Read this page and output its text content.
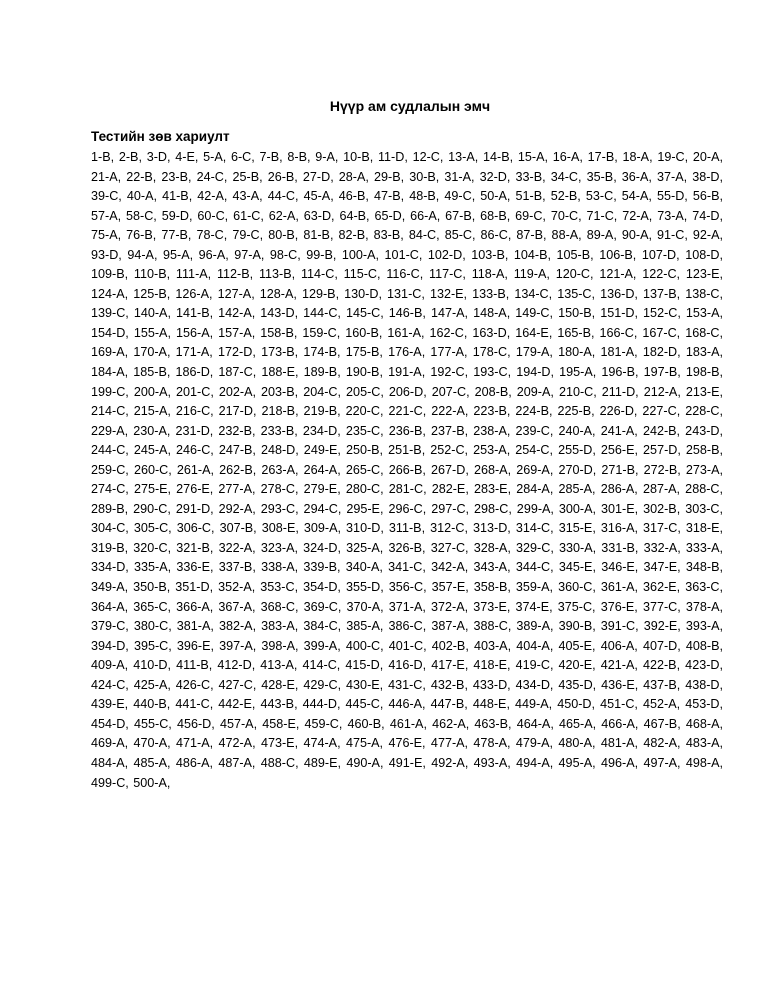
Нүүр ам судлалын эмч

Тестийн зөв хариулт

1-B, 2-B, 3-D, 4-E, 5-A, 6-C, 7-B, 8-B, 9-A, 10-B, 11-D, 12-C, 13-A, 14-B, 15-A, 16-A, 17-B, 18-A, 19-C, 20-A, 21-A, 22-B, 23-B, 24-C, 25-B, 26-B, 27-D, 28-A, 29-B, 30-B, 31-A, 32-D, 33-B, 34-C, 35-B, 36-A, 37-A, 38-D, 39-C, 40-A, 41-B, 42-A, 43-A, 44-C, 45-A, 46-B, 47-B, 48-B, 49-C, 50-A, 51-B, 52-B, 53-C, 54-A, 55-D, 56-B, 57-A, 58-C, 59-D, 60-C, 61-C, 62-A, 63-D, 64-B, 65-D, 66-A, 67-B, 68-B, 69-C, 70-C, 71-C, 72-A, 73-A, 74-D, 75-A, 76-B, 77-B, 78-C, 79-C, 80-B, 81-B, 82-B, 83-B, 84-C, 85-C, 86-C, 87-B, 88-A, 89-A, 90-A, 91-C, 92-A, 93-D, 94-A, 95-A, 96-A, 97-A, 98-C, 99-B, 100-A, 101-C, 102-D, 103-B, 104-B, 105-B, 106-B, 107-D, 108-D, 109-B, 110-B, 111-A, 112-B, 113-B, 114-C, 115-C, 116-C, 117-C, 118-A, 119-A, 120-C, 121-A, 122-C, 123-E, 124-A, 125-B, 126-A, 127-A, 128-A, 129-B, 130-D, 131-C, 132-E, 133-B, 134-C, 135-C, 136-D, 137-B, 138-C, 139-C, 140-A, 141-B, 142-A, 143-D, 144-C, 145-C, 146-B, 147-A, 148-A, 149-C, 150-B, 151-D, 152-C, 153-A, 154-D, 155-A, 156-A, 157-A, 158-B, 159-C, 160-B, 161-A, 162-C, 163-D, 164-E, 165-B, 166-C, 167-C, 168-C, 169-A, 170-A, 171-A, 172-D, 173-B, 174-B, 175-B, 176-A, 177-A, 178-C, 179-A, 180-A, 181-A, 182-D, 183-A, 184-A, 185-B, 186-D, 187-C, 188-E, 189-B, 190-B, 191-A, 192-C, 193-C, 194-D, 195-A, 196-B, 197-B, 198-B, 199-C, 200-A, 201-C, 202-A, 203-B, 204-C, 205-C, 206-D, 207-C, 208-B, 209-A, 210-C, 211-D, 212-A, 213-E, 214-C, 215-A, 216-C, 217-D, 218-B, 219-B, 220-C, 221-C, 222-A, 223-B, 224-B, 225-B, 226-D, 227-C, 228-C, 229-A, 230-A, 231-D, 232-B, 233-B, 234-D, 235-C, 236-B, 237-B, 238-A, 239-C, 240-A, 241-A, 242-B, 243-D, 244-C, 245-A, 246-C, 247-B, 248-D, 249-E, 250-B, 251-B, 252-C, 253-A, 254-C, 255-D, 256-E, 257-D, 258-B, 259-C, 260-C, 261-A, 262-B, 263-A, 264-A, 265-C, 266-B, 267-D, 268-A, 269-A, 270-D, 271-B, 272-B, 273-A, 274-C, 275-E, 276-E, 277-A, 278-C, 279-E, 280-C, 281-C, 282-E, 283-E, 284-A, 285-A, 286-A, 287-A, 288-C, 289-B, 290-C, 291-D, 292-A, 293-C, 294-C, 295-E, 296-C, 297-C, 298-C, 299-A, 300-A, 301-E, 302-B, 303-C, 304-C, 305-C, 306-C, 307-B, 308-E, 309-A, 310-D, 311-B, 312-C, 313-D, 314-C, 315-E, 316-A, 317-C, 318-E, 319-B, 320-C, 321-B, 322-A, 323-A, 324-D, 325-A, 326-B, 327-C, 328-A, 329-C, 330-A, 331-B, 332-A, 333-A, 334-D, 335-A, 336-E, 337-B, 338-A, 339-B, 340-A, 341-C, 342-A, 343-A, 344-C, 345-E, 346-E, 347-E, 348-B, 349-A, 350-B, 351-D, 352-A, 353-C, 354-D, 355-D, 356-C, 357-E, 358-B, 359-A, 360-C, 361-A, 362-E, 363-C, 364-A, 365-C, 366-A, 367-A, 368-C, 369-C, 370-A, 371-A, 372-A, 373-E, 374-E, 375-C, 376-E, 377-C, 378-A, 379-C, 380-C, 381-A, 382-A, 383-A, 384-C, 385-A, 386-C, 387-A, 388-C, 389-A, 390-B, 391-C, 392-E, 393-A, 394-D, 395-C, 396-E, 397-A, 398-A, 399-A, 400-C, 401-C, 402-B, 403-A, 404-A, 405-E, 406-A, 407-D, 408-B, 409-A, 410-D, 411-B, 412-D, 413-A, 414-C, 415-D, 416-D, 417-E, 418-E, 419-C, 420-E, 421-A, 422-B, 423-D, 424-C, 425-A, 426-C, 427-C, 428-E, 429-C, 430-E, 431-C, 432-B, 433-D, 434-D, 435-D, 436-E, 437-B, 438-D, 439-E, 440-B, 441-C, 442-E, 443-B, 444-D, 445-C, 446-A, 447-B, 448-E, 449-A, 450-D, 451-C, 452-A, 453-D, 454-D, 455-C, 456-D, 457-A, 458-E, 459-C, 460-B, 461-A, 462-A, 463-B, 464-A, 465-A, 466-A, 467-B, 468-A, 469-A, 470-A, 471-A, 472-A, 473-E, 474-A, 475-A, 476-E, 477-A, 478-A, 479-A, 480-A, 481-A, 482-A, 483-A, 484-A, 485-A, 486-A, 487-A, 488-C, 489-E, 490-A, 491-E, 492-A, 493-A, 494-A, 495-A, 496-A, 497-A, 498-A, 499-C, 500-A,
